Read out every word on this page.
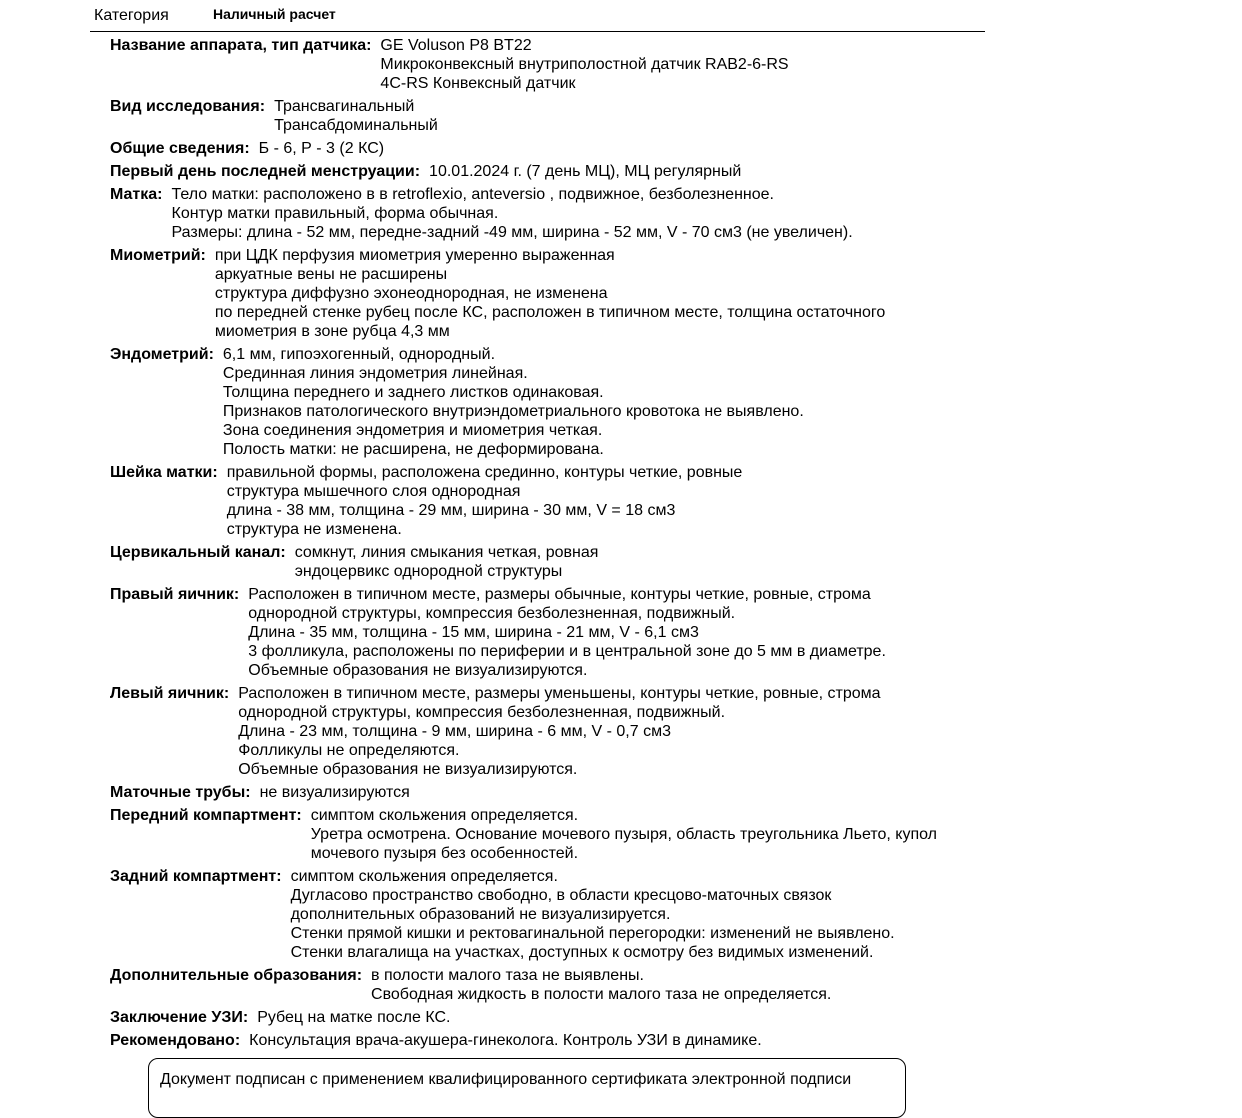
Категория	Наличный расчет
Название аппарата, тип датчика: GE Voluson P8 BT22
Микроконвексный внутриполостной датчик RAB2-6-RS
4C-RS Конвексный датчик
Вид исследования: Трансвагинальный
Трансабдоминальный
Общие сведения: Б - 6, Р - 3 (2 КС)
Первый день последней менструации: 10.01.2024 г. (7 день МЦ), МЦ регулярный
Матка: Тело матки: расположено в в retroflexio, anteversio , подвижное, безболезненное.
Контур матки правильный, форма обычная.
Размеры: длина - 52 мм, передне-задний -49 мм, ширина - 52 мм, V - 70 см3 (не увеличен).
Миометрий: при ЦДК перфузия миометрия умеренно выраженная
аркуатные вены не расширены
структура диффузно эхонеоднородная, не изменена
по передней стенке рубец после КС, расположен в типичном месте, толщина остаточного
миометрия в зоне рубца 4,3 мм
Эндометрий: 6,1 мм, гипоэхогенный, однородный.
Срединная линия эндометрия линейная.
Толщина переднего и заднего листков одинаковая.
Признаков патологического внутриэндометриального кровотока не выявлено.
Зона соединения эндометрия и миометрия четкая.
Полость матки: не расширена, не деформирована.
Шейка матки: правильной формы, расположена срединно, контуры четкие, ровные
структура мышечного слоя однородная
длина - 38 мм, толщина - 29 мм, ширина - 30 мм, V = 18 см3
структура не изменена.
Цервикальный канал: сомкнут, линия смыкания четкая, ровная
эндоцервикс однородной структуры
Правый яичник: Расположен в типичном месте, размеры обычные, контуры четкие, ровные, строма
однородной структуры, компрессия безболезненная, подвижный.
Длина - 35 мм, толщина - 15 мм, ширина - 21 мм, V - 6,1 см3
3 фолликула, расположены по периферии и в центральной зоне до 5 мм в диаметре.
Объемные образования не визуализируются.
Левый яичник: Расположен в типичном месте, размеры уменьшены, контуры четкие, ровные, строма
однородной структуры, компрессия безболезненная, подвижный.
Длина - 23 мм, толщина - 9 мм, ширина - 6 мм, V - 0,7 см3
Фолликулы не определяются.
Объемные образования не визуализируются.
Маточные трубы: не визуализируются
Передний компартмент: симптом скольжения определяется.
Уретра осмотрена. Основание мочевого пузыря, область треугольника Льето, купол
мочевого пузыря без особенностей.
Задний компартмент: симптом скольжения определяется.
Дугласово пространство свободно, в области кресцово-маточных связок
дополнительных образований не визуализируется.
Стенки прямой кишки и ректовагинальной перегородки: изменений не выявлено.
Стенки влагалища на участках, доступных к осмотру без видимых изменений.
Дополнительные образования: в полости малого таза не выявлены.
Свободная жидкость в полости малого таза не определяется.
Заключение УЗИ: Рубец на матке после КС.
Рекомендовано: Консультация врача-акушера-гинеколога. Контроль УЗИ в динамике.
Документ подписан с применением квалифицированного сертификата электронной подписи
